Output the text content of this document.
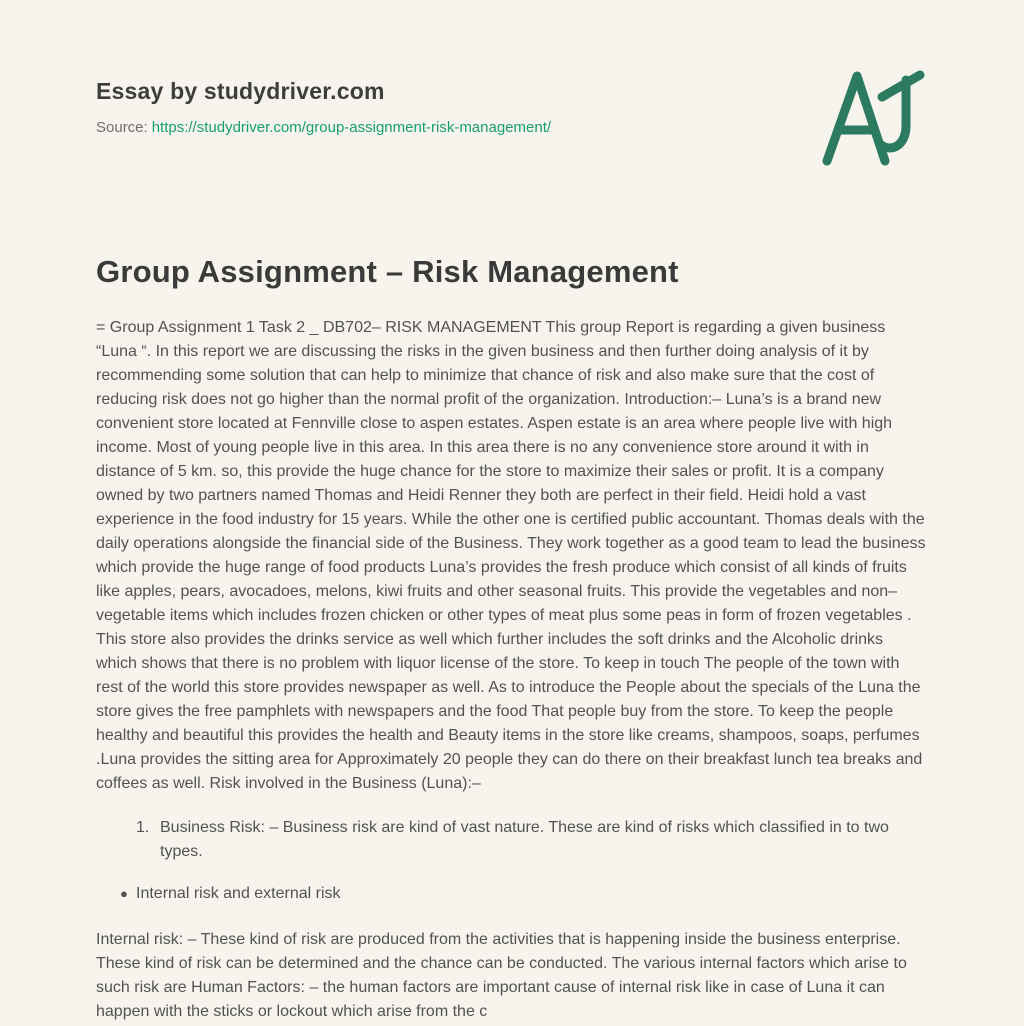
Essay by studydriver.com
Source: https://studydriver.com/group-assignment-risk-management/
Group Assignment – Risk Management

= Group Assignment 1 Task 2 _ DB702– RISK MANAGEMENT This group Report is regarding a given business “Luna “. In this report we are discussing the risks in the given business and then further doing analysis of it by recommending some solution that can help to minimize that chance of risk and also make sure that the cost of reducing risk does not go higher than the normal profit of the organization. Introduction:– Luna’s is a brand new convenient store located at Fennville close to aspen estates. Aspen estate is an area where people live with high income. Most of young people live in this area. In this area there is no any convenience store around it with in distance of 5 km. so, this provide the huge chance for the store to maximize their sales or profit. It is a company owned by two partners named Thomas and Heidi Renner they both are perfect in their field. Heidi hold a vast experience in the food industry for 15 years. While the other one is certified public accountant. Thomas deals with the daily operations alongside the financial side of the Business. They work together as a good team to lead the business which provide the huge range of food products Luna’s provides the fresh produce which consist of all kinds of fruits like apples, pears, avocadoes, melons, kiwi fruits and other seasonal fruits. This provide the vegetables and non– vegetable items which includes frozen chicken or other types of meat plus some peas in form of frozen vegetables . This store also provides the drinks service as well which further includes the soft drinks and the Alcoholic drinks which shows that there is no problem with liquor license of the store. To keep in touch The people of the town with rest of the world this store provides newspaper as well. As to introduce the People about the specials of the Luna the store gives the free pamphlets with newspapers and the food That people buy from the store. To keep the people healthy and beautiful this provides the health and Beauty items in the store like creams, shampoos, soaps, perfumes .Luna provides the sitting area for Approximately 20 people they can do there on their breakfast lunch tea breaks and coffees as well. Risk involved in the Business (Luna):–

1. Business Risk: – Business risk are kind of vast nature. These are kind of risks which classified in to two types.
● Internal risk and external risk

Internal risk: – These kind of risk are produced from the activities that is happening inside the business enterprise. These kind of risk can be determined and the chance can be conducted. The various internal factors which arise to such risk are Human Factors: – the human factors are important cause of internal risk like in case of Luna it can happen with the sticks or lockout which arise from the c
